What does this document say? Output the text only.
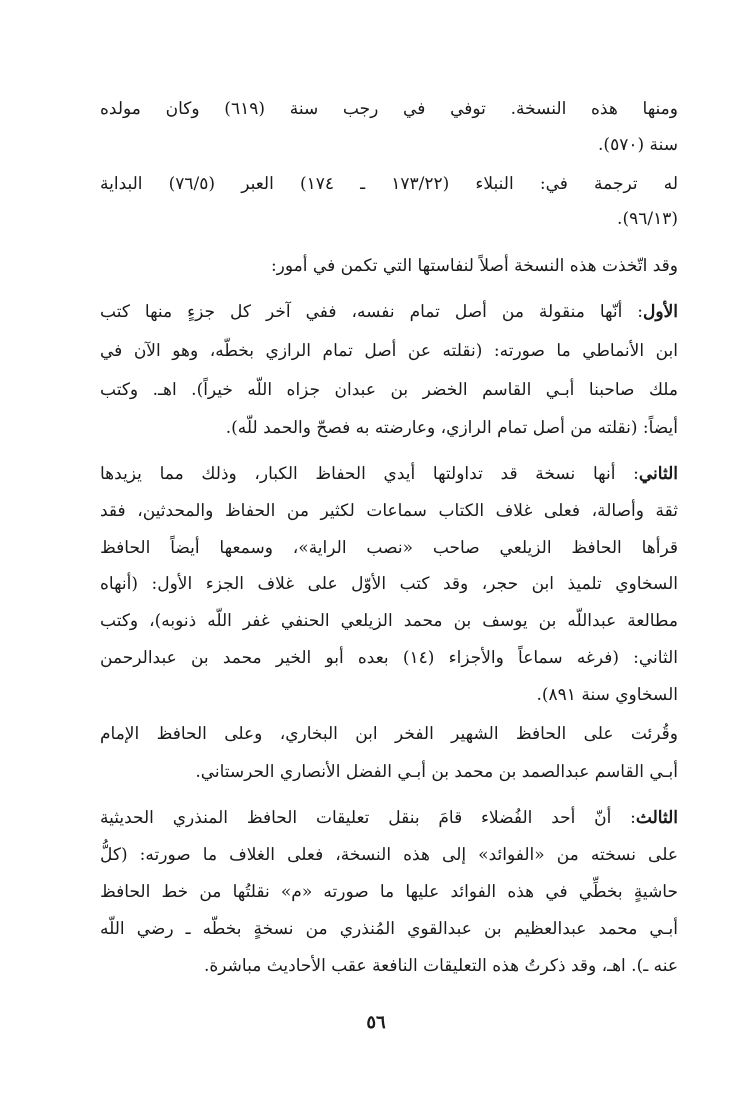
ومنها هذه النسخة. توفي في رجب سنة (٦١٩) وكان مولده
سنة (٥٧٠).
له ترجمة في: النبلاء (١٧٣/٢٢ ـ ١٧٤) العبر (٧٦/٥) البداية
(٩٦/١٣).
وقد اتّخذت هذه النسخة أصلاً لنفاستها التي تكمن في أمور:
الأول: أنّها منقولة من أصل تمام نفسه، ففي آخر كل جزءٍ منها كتب
ابن الأنماطي ما صورته: (نقلته عن أصل تمام الرازي بخطّه، وهو الآن في
ملك صاحبنا أبـي القاسم الخضر بن عبدان جزاه اللّه خيراً). اهـ. وكتب
أيضاً: (نقلته من أصل تمام الرازي، وعارضته به فصحّ والحمد للّه).
الثاني: أنها نسخة قد تداولتها أيدي الحفاظ الكبار، وذلك مما يزيدها
ثقة وأصالة، فعلى غلاف الكتاب سماعات لكثير من الحفاظ والمحدثين، فقد
قرأها الحافظ الزيلعي صاحب «نصب الراية»، وسمعها أيضاً الحافظ
السخاوي تلميذ ابن حجر، وقد كتب الأوّل على غلاف الجزء الأول: (أنهاه
مطالعة عبداللّه بن يوسف بن محمد الزيلعي الحنفي غفر اللّه ذنوبه)، وكتب
الثاني: (فرغه سماعاً والأجزاء (١٤) بعده أبو الخير محمد بن عبدالرحمن
السخاوي سنة ٨٩١).
وقُرئت على الحافظ الشهير الفخر ابن البخاري، وعلى الحافظ الإمام
أبـي القاسم عبدالصمد بن محمد بن أبـي الفضل الأنصاري الحرستاني.
الثالث: أنّ أحد الفُضلاء قامَ بنقل تعليقات الحافظ المنذري الحديثية
على نسخته من «الفوائد» إلى هذه النسخة، فعلى الغلاف ما صورته: (كلُّ
حاشيةٍ بخطِّي في هذه الفوائد عليها ما صورته «م» نقلتُها من خط الحافظ
أبـي محمد عبدالعظيم بن عبدالقوي المُنذري من نسخةٍ بخطّه ـ رضي اللّه
عنه ـ). اهـ، وقد ذكرتُ هذه التعليقات النافعة عقب الأحاديث مباشرة.
٥٦
